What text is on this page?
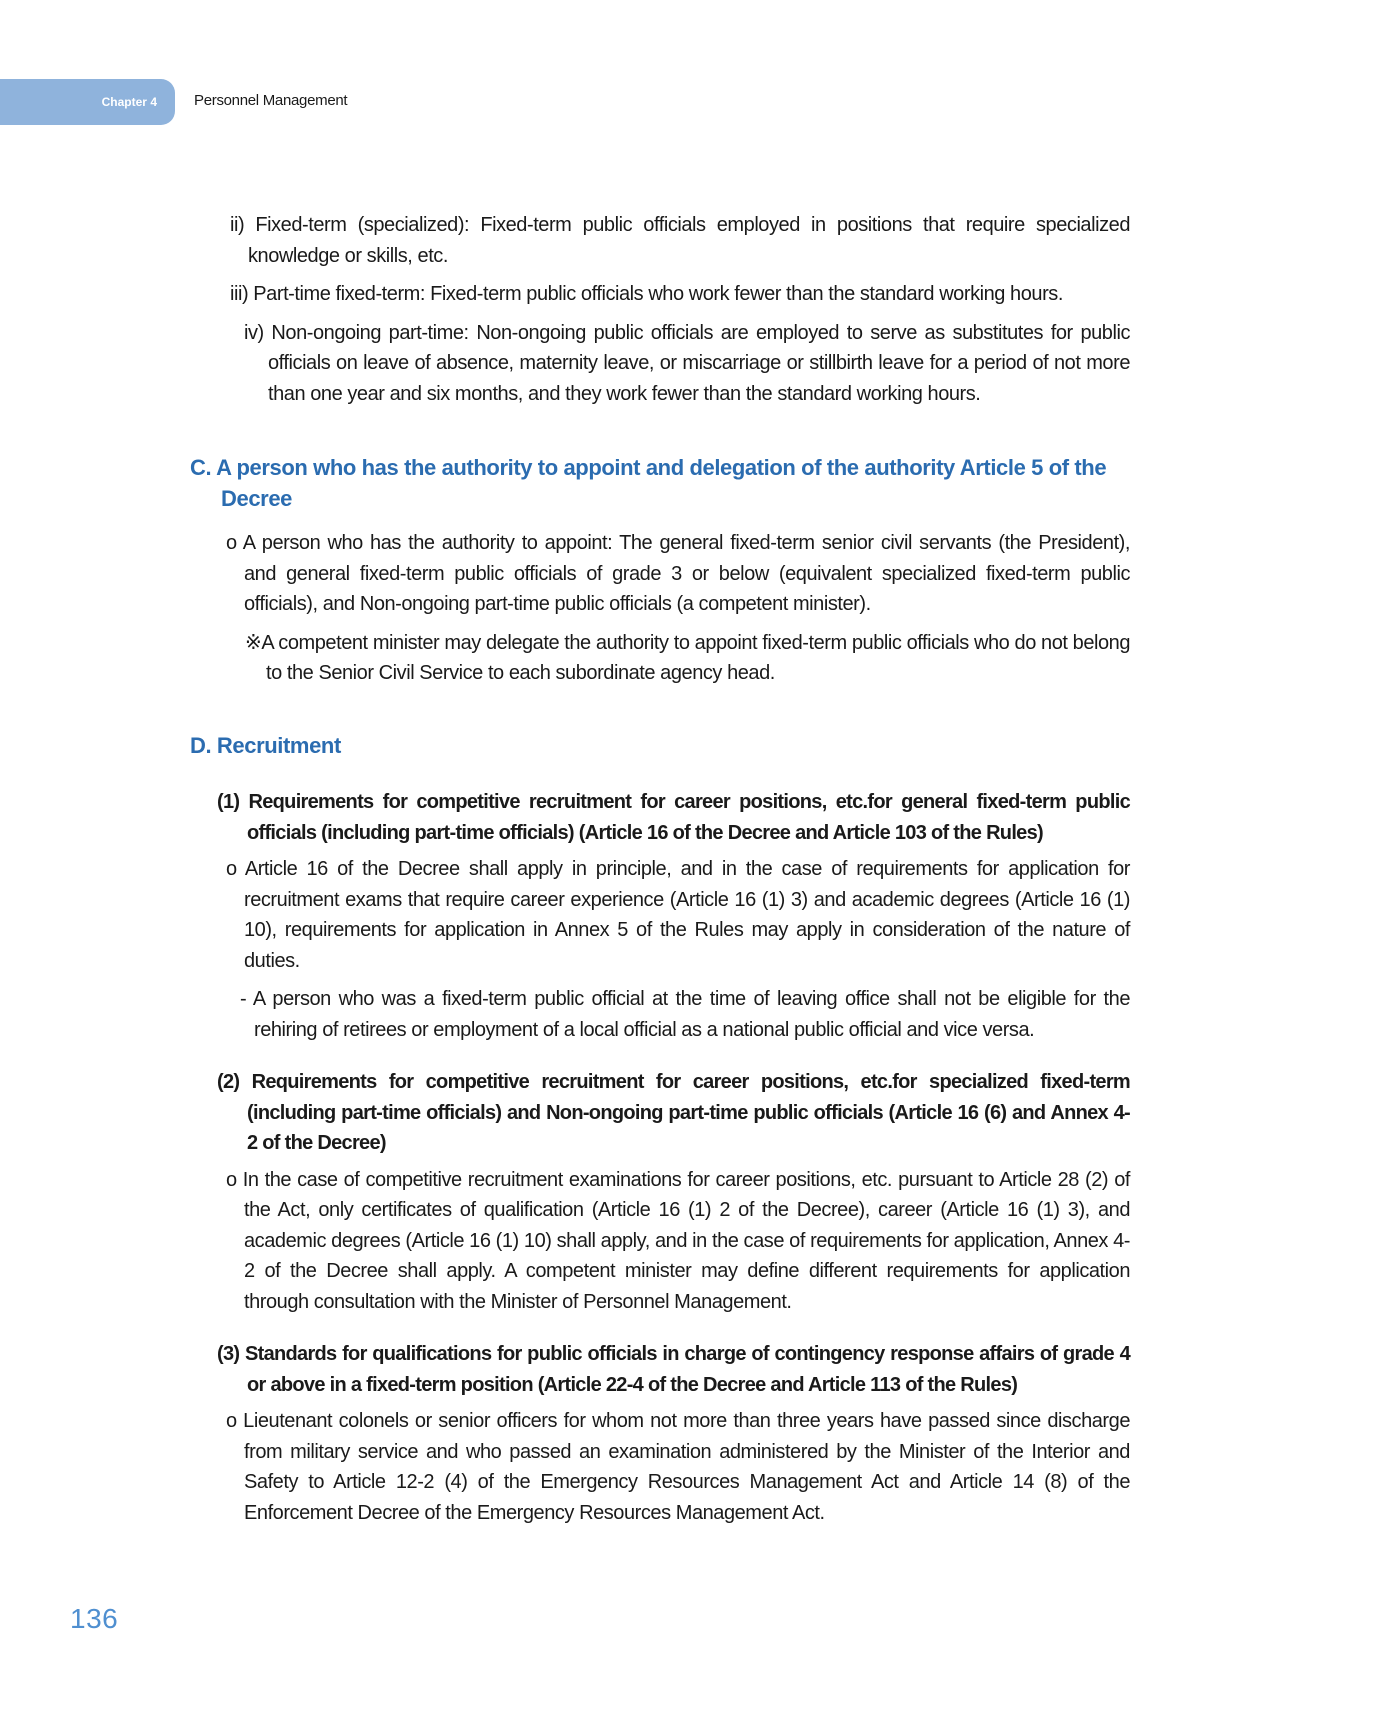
Chapter 4	Personnel Management

ii) Fixed-term (specialized): Fixed-term public officials employed in positions that require specialized knowledge or skills, etc.

iii) Part-time fixed-term: Fixed-term public officials who work fewer than the standard working hours.

iv) Non-ongoing part-time: Non-ongoing public officials are employed to serve as substitutes for public officials on leave of absence, maternity leave, or miscarriage or stillbirth leave for a period of not more than one year and six months, and they work fewer than the standard working hours.

C. A person who has the authority to appoint and delegation of the authority Article 5 of the Decree

o A person who has the authority to appoint: The general fixed-term senior civil servants (the President), and general fixed-term public officials of grade 3 or below (equivalent specialized fixed-term public officials), and Non-ongoing part-time public officials (a competent minister).

※A competent minister may delegate the authority to appoint fixed-term public officials who do not belong to the Senior Civil Service to each subordinate agency head.

D. Recruitment

(1) Requirements for competitive recruitment for career positions, etc.for general fixed-term public officials (including part-time officials) (Article 16 of the Decree and Article 103 of the Rules)

o Article 16 of the Decree shall apply in principle, and in the case of requirements for application for recruitment exams that require career experience (Article 16 (1) 3) and academic degrees (Article 16 (1) 10), requirements for application in Annex 5 of the Rules may apply in consideration of the nature of duties.

- A person who was a fixed-term public official at the time of leaving office shall not be eligible for the rehiring of retirees or employment of a local official as a national public official and vice versa.

(2) Requirements for competitive recruitment for career positions, etc.for specialized fixed-term (including part-time officials) and Non-ongoing part-time public officials (Article 16 (6) and Annex 4-2 of the Decree)

o In the case of competitive recruitment examinations for career positions, etc. pursuant to Article 28 (2) of the Act, only certificates of qualification (Article 16 (1) 2 of the Decree), career (Article 16 (1) 3), and academic degrees (Article 16 (1) 10) shall apply, and in the case of requirements for application, Annex 4-2 of the Decree shall apply. A competent minister may define different requirements for application through consultation with the Minister of Personnel Management.

(3) Standards for qualifications for public officials in charge of contingency response affairs of grade 4 or above in a fixed-term position (Article 22-4 of the Decree and Article 113 of the Rules)

o Lieutenant colonels or senior officers for whom not more than three years have passed since discharge from military service and who passed an examination administered by the Minister of the Interior and Safety to Article 12-2 (4) of the Emergency Resources Management Act and Article 14 (8) of the Enforcement Decree of the Emergency Resources Management Act.

136
